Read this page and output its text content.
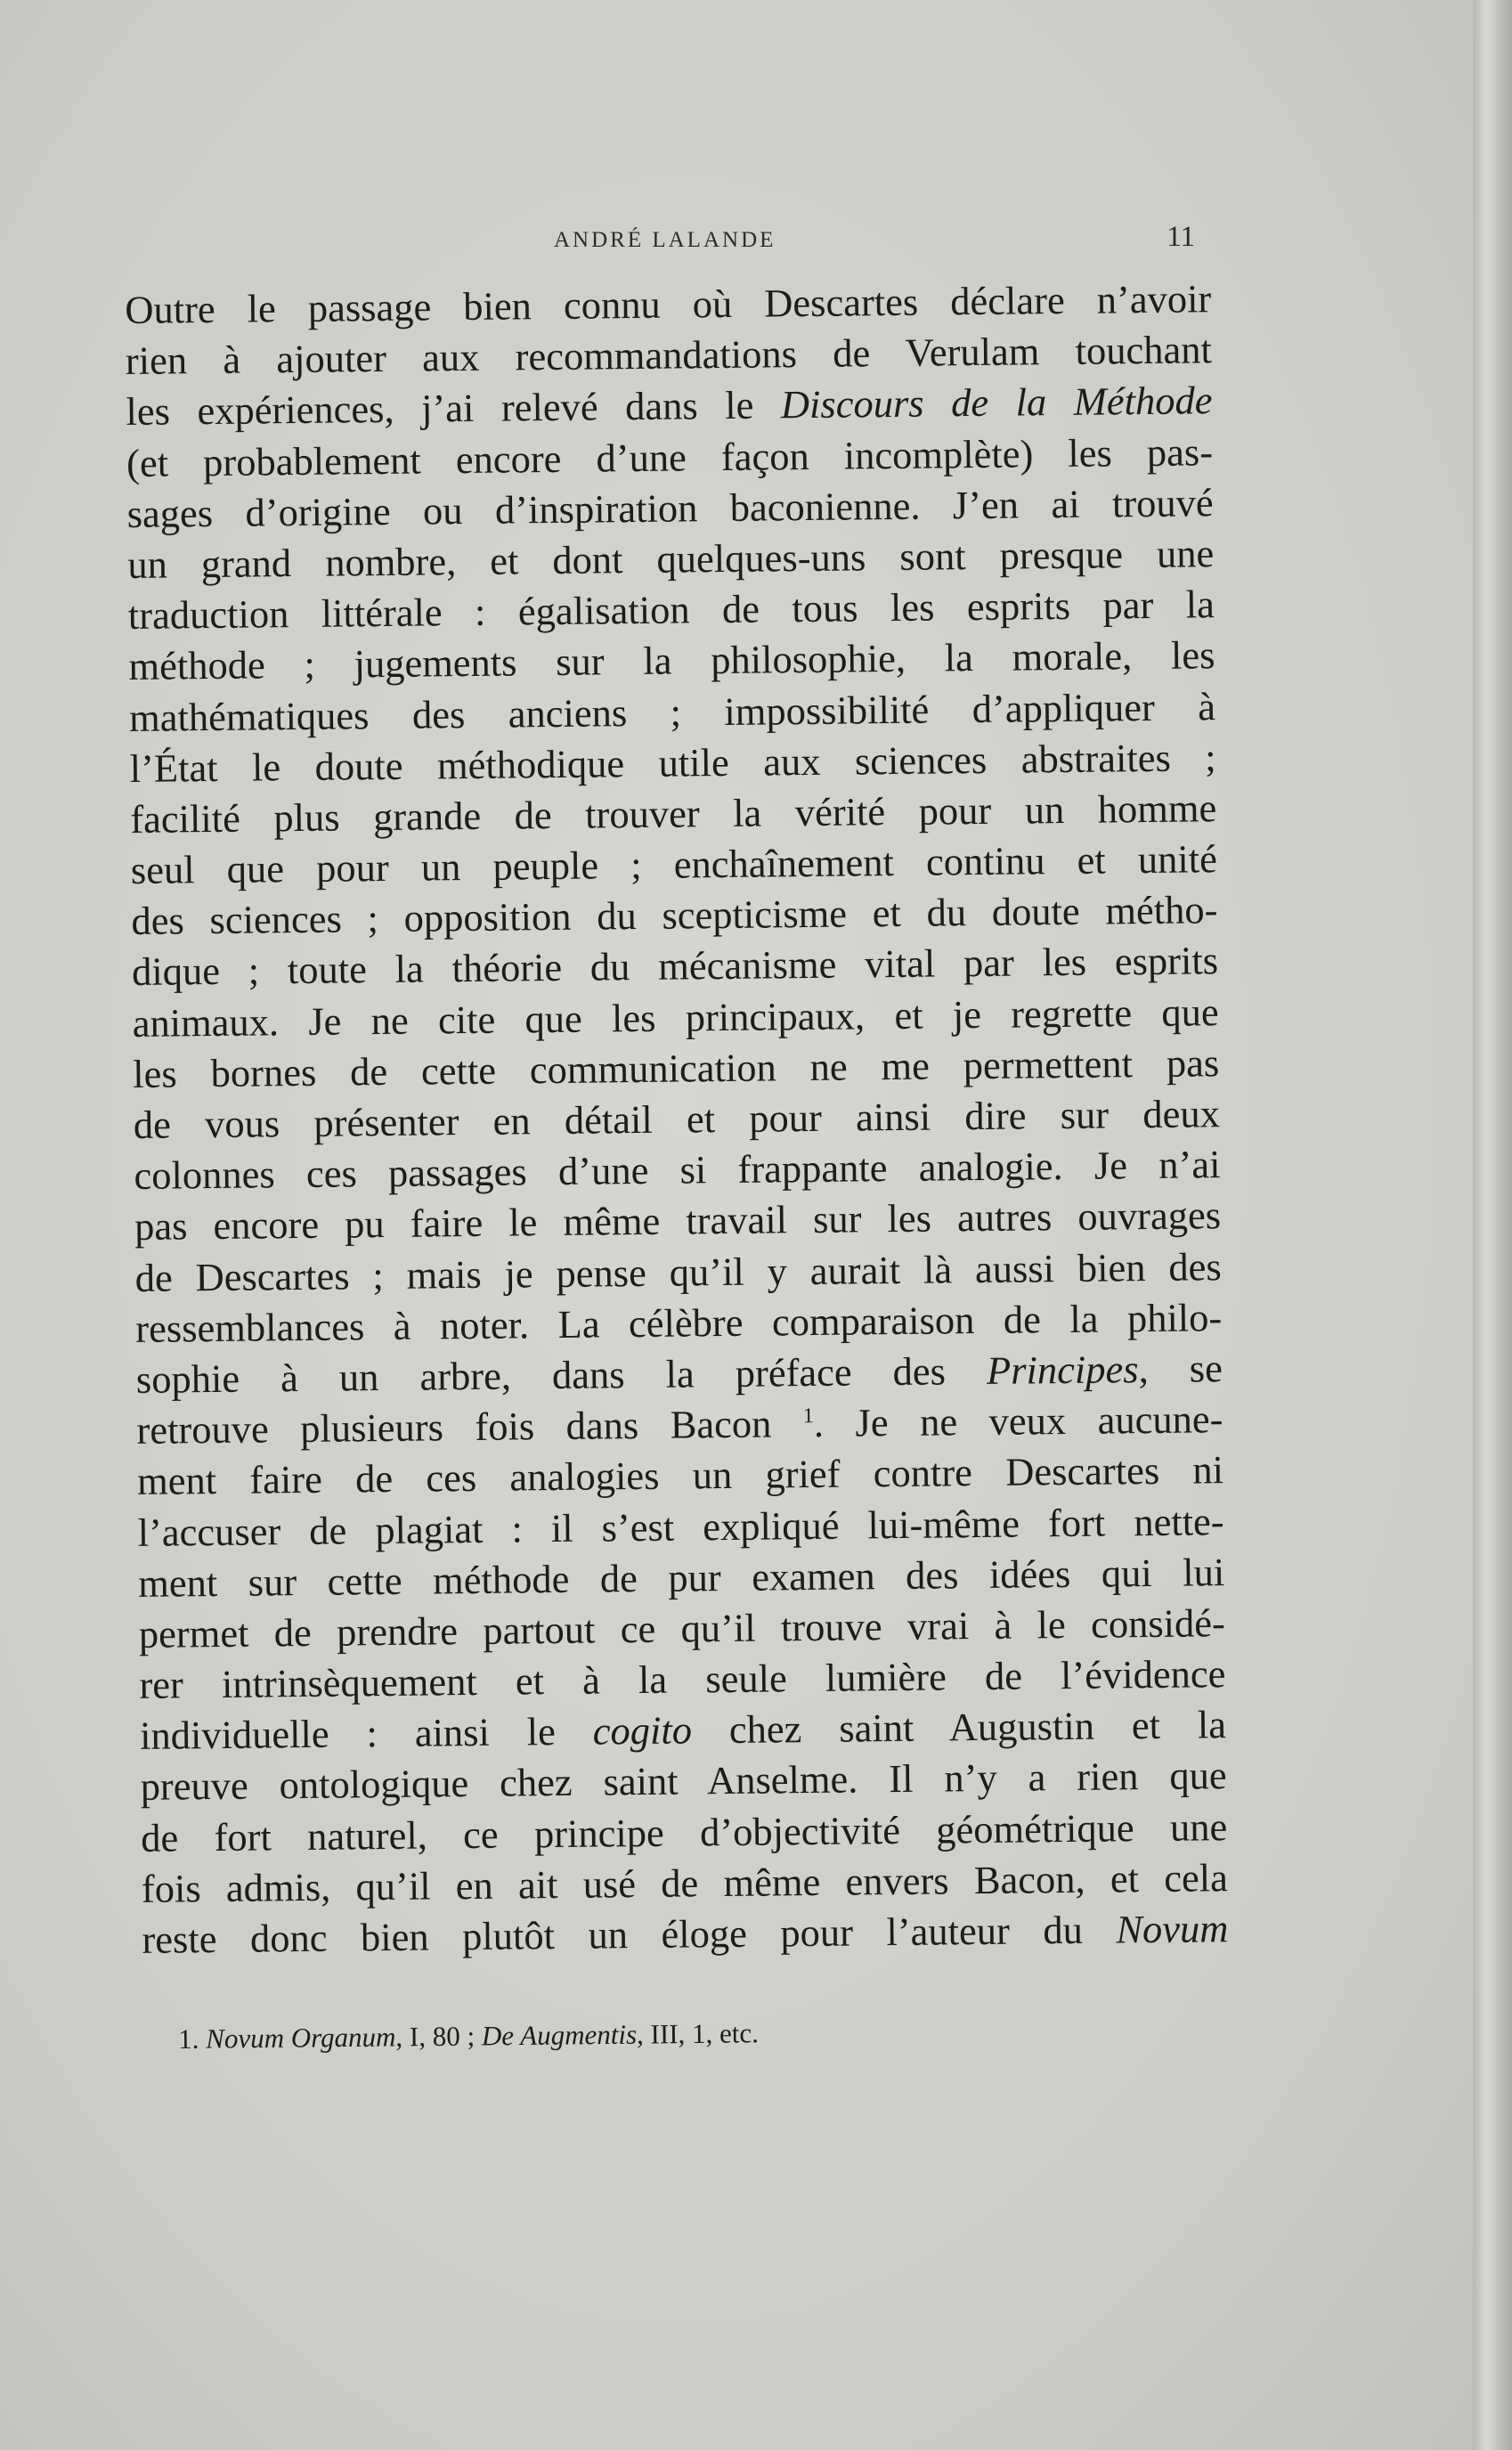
ANDRÉ LALANDE	11
Outre le passage bien connu où Descartes déclare n’avoir
rien à ajouter aux recommandations de Verulam touchant
les expériences, j’ai relevé dans le Discours de la Méthode
(et probablement encore d’une façon incomplète) les pas-
sages d’origine ou d’inspiration baconienne. J’en ai trouvé
un grand nombre, et dont quelques-uns sont presque une
traduction littérale : égalisation de tous les esprits par la
méthode ; jugements sur la philosophie, la morale, les
mathématiques des anciens ; impossibilité d’appliquer à
l’État le doute méthodique utile aux sciences abstraites ;
facilité plus grande de trouver la vérité pour un homme
seul que pour un peuple ; enchaînement continu et unité
des sciences ; opposition du scepticisme et du doute métho-
dique ; toute la théorie du mécanisme vital par les esprits
animaux. Je ne cite que les principaux, et je regrette que
les bornes de cette communication ne me permettent pas
de vous présenter en détail et pour ainsi dire sur deux
colonnes ces passages d’une si frappante analogie. Je n’ai
pas encore pu faire le même travail sur les autres ouvrages
de Descartes ; mais je pense qu’il y aurait là aussi bien des
ressemblances à noter. La célèbre comparaison de la philo-
sophie à un arbre, dans la préface des Principes, se
retrouve plusieurs fois dans Bacon $^1$. Je ne veux aucune-
ment faire de ces analogies un grief contre Descartes ni
l’accuser de plagiat : il s’est expliqué lui-même fort nette-
ment sur cette méthode de pur examen des idées qui lui
permet de prendre partout ce qu’il trouve vrai à le considé-
rer intrinsèquement et à la seule lumière de l’évidence
individuelle : ainsi le cogito chez saint Augustin et la
preuve ontologique chez saint Anselme. Il n’y a rien que
de fort naturel, ce principe d’objectivité géométrique une
fois admis, qu’il en ait usé de même envers Bacon, et cela
reste donc bien plutôt un éloge pour l’auteur du Novum
1. Novum Organum, I, 80 ; De Augmentis, III, 1, etc.
